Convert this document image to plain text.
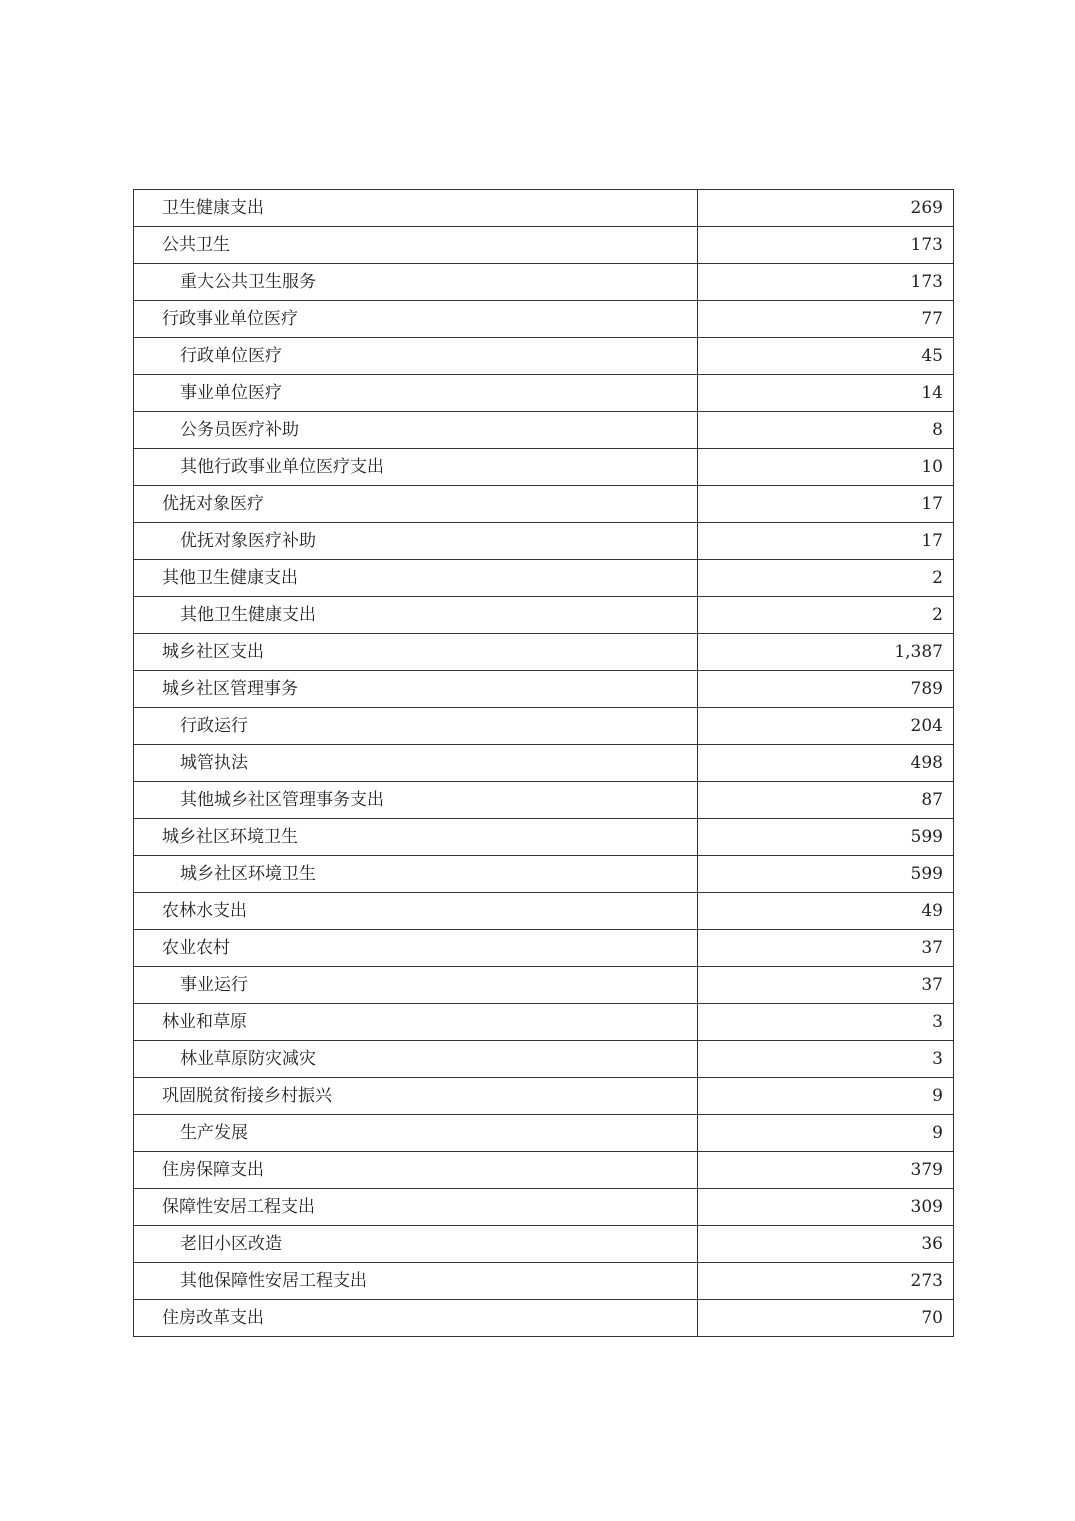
卫生健康支出	269
公共卫生	173
重大公共卫生服务	173
行政事业单位医疗	77
行政单位医疗	45
事业单位医疗	14
公务员医疗补助	8
其他行政事业单位医疗支出	10
优抚对象医疗	17
优抚对象医疗补助	17
其他卫生健康支出	2
其他卫生健康支出	2
城乡社区支出	1,387
城乡社区管理事务	789
行政运行	204
城管执法	498
其他城乡社区管理事务支出	87
城乡社区环境卫生	599
城乡社区环境卫生	599
农林水支出	49
农业农村	37
事业运行	37
林业和草原	3
林业草原防灾减灾	3
巩固脱贫衔接乡村振兴	9
生产发展	9
住房保障支出	379
保障性安居工程支出	309
老旧小区改造	36
其他保障性安居工程支出	273
住房改革支出	70
